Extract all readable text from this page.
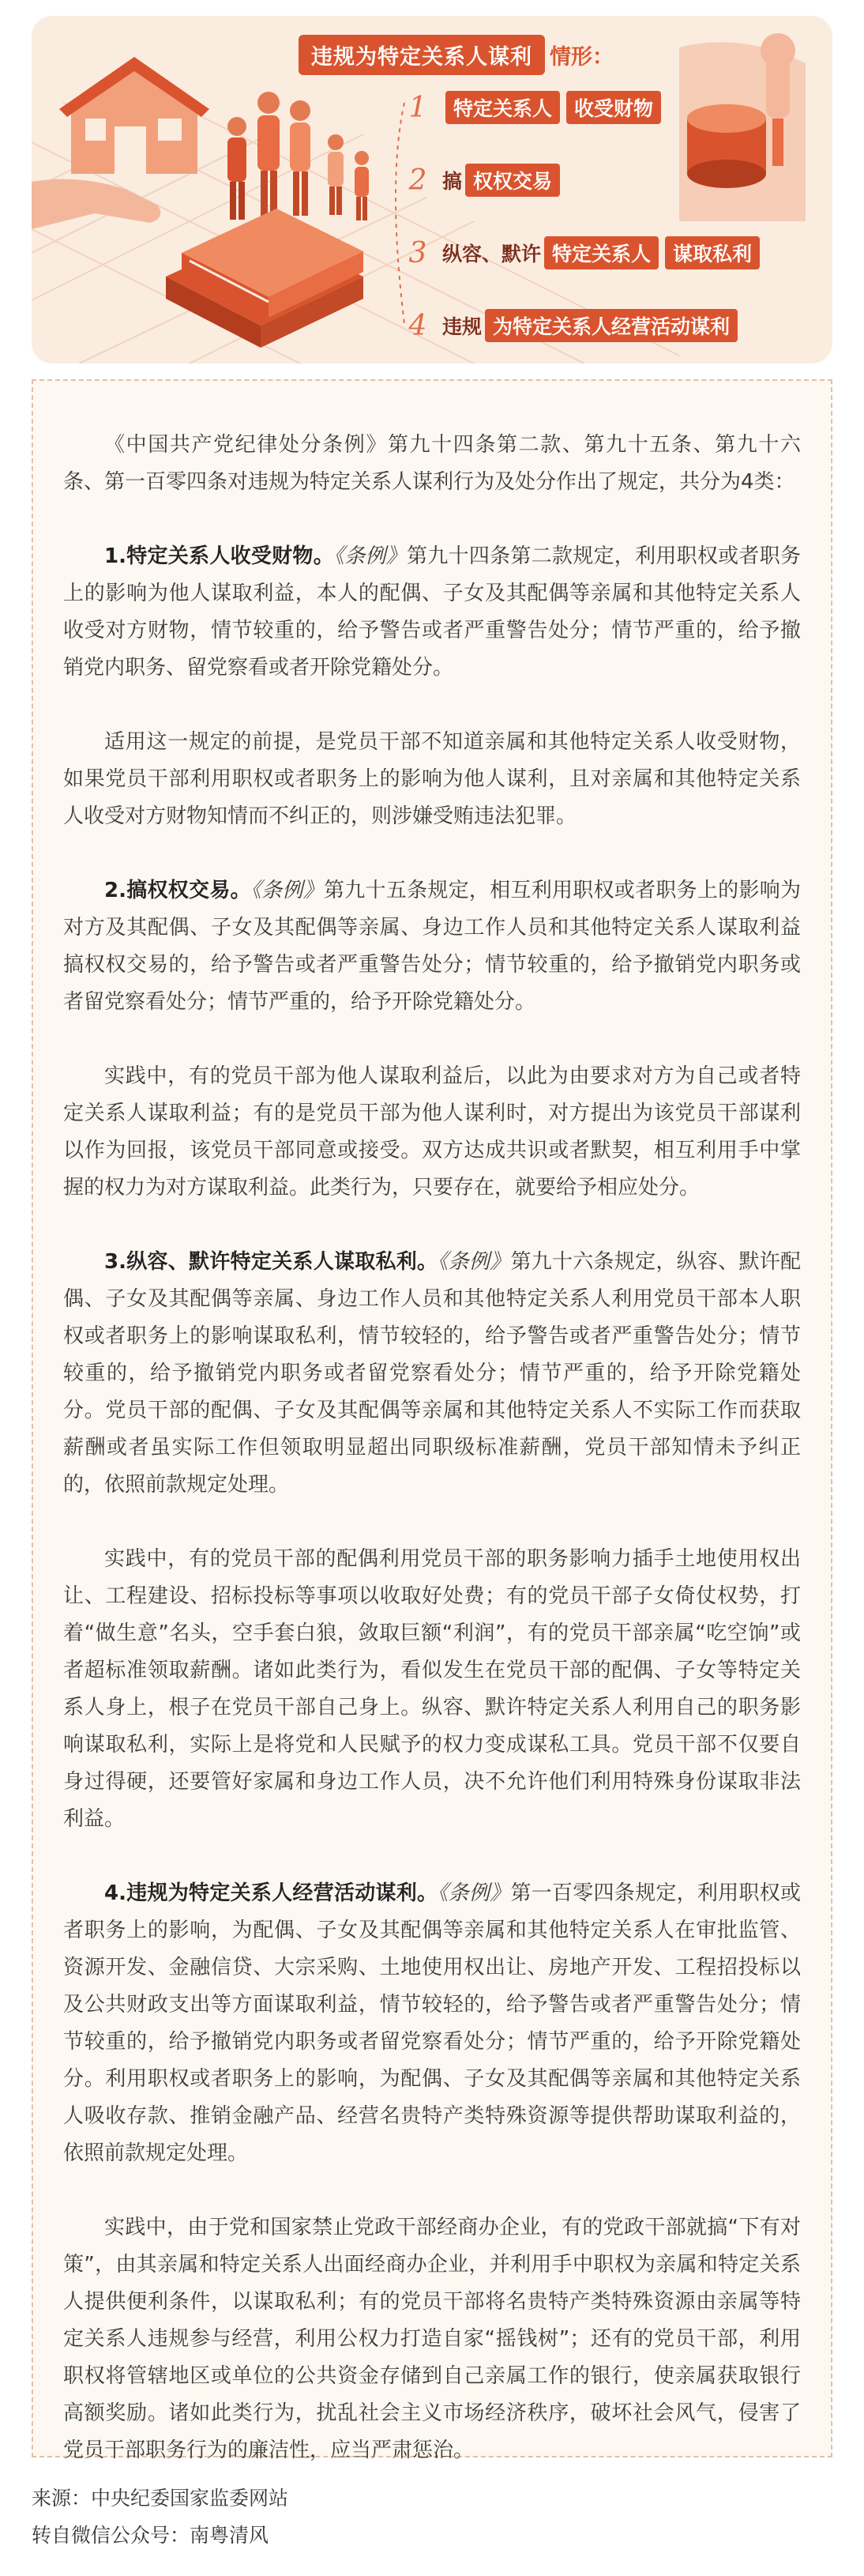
违规为特定关系人谋利 情形：
1	特定关系人	收受财物
2 搞 权权交易
3 纵容、默许 特定关系人	谋取私利
4 违规 为特定关系人经营活动谋利

《中国共产党纪律处分条例》第九十四条第二款、第九十五条、第九十六条、第一百零四条对违规为特定关系人谋利行为及处分作出了规定，共分为4类：

1.特定关系人收受财物。《条例》第九十四条第二款规定，利用职权或者职务上的影响为他人谋取利益，本人的配偶、子女及其配偶等亲属和其他特定关系人收受对方财物，情节较重的，给予警告或者严重警告处分；情节严重的，给予撤销党内职务、留党察看或者开除党籍处分。

适用这一规定的前提，是党员干部不知道亲属和其他特定关系人收受财物，如果党员干部利用职权或者职务上的影响为他人谋利，且对亲属和其他特定关系人收受对方财物知情而不纠正的，则涉嫌受贿违法犯罪。

2.搞权权交易。《条例》第九十五条规定，相互利用职权或者职务上的影响为对方及其配偶、子女及其配偶等亲属、身边工作人员和其他特定关系人谋取利益搞权权交易的，给予警告或者严重警告处分；情节较重的，给予撤销党内职务或者留党察看处分；情节严重的，给予开除党籍处分。

实践中，有的党员干部为他人谋取利益后，以此为由要求对方为自己或者特定关系人谋取利益；有的是党员干部为他人谋利时，对方提出为该党员干部谋利以作为回报，该党员干部同意或接受。双方达成共识或者默契，相互利用手中掌握的权力为对方谋取利益。此类行为，只要存在，就要给予相应处分。

3.纵容、默许特定关系人谋取私利。《条例》第九十六条规定，纵容、默许配偶、子女及其配偶等亲属、身边工作人员和其他特定关系人利用党员干部本人职权或者职务上的影响谋取私利，情节较轻的，给予警告或者严重警告处分；情节较重的，给予撤销党内职务或者留党察看处分；情节严重的，给予开除党籍处分。党员干部的配偶、子女及其配偶等亲属和其他特定关系人不实际工作而获取薪酬或者虽实际工作但领取明显超出同职级标准薪酬，党员干部知情未予纠正的，依照前款规定处理。

实践中，有的党员干部的配偶利用党员干部的职务影响力插手土地使用权出让、工程建设、招标投标等事项以收取好处费；有的党员干部子女倚仗权势，打着“做生意”名头，空手套白狼，敛取巨额“利润”，有的党员干部亲属“吃空饷”或者超标准领取薪酬。诸如此类行为，看似发生在党员干部的配偶、子女等特定关系人身上，根子在党员干部自己身上。纵容、默许特定关系人利用自己的职务影响谋取私利，实际上是将党和人民赋予的权力变成谋私工具。党员干部不仅要自身过得硬，还要管好家属和身边工作人员，决不允许他们利用特殊身份谋取非法利益。

4.违规为特定关系人经营活动谋利。《条例》第一百零四条规定，利用职权或者职务上的影响，为配偶、子女及其配偶等亲属和其他特定关系人在审批监管、资源开发、金融信贷、大宗采购、土地使用权出让、房地产开发、工程招投标以及公共财政支出等方面谋取利益，情节较轻的，给予警告或者严重警告处分；情节较重的，给予撤销党内职务或者留党察看处分；情节严重的，给予开除党籍处分。利用职权或者职务上的影响，为配偶、子女及其配偶等亲属和其他特定关系人吸收存款、推销金融产品、经营名贵特产类特殊资源等提供帮助谋取利益的，依照前款规定处理。

实践中，由于党和国家禁止党政干部经商办企业，有的党政干部就搞“下有对策”，由其亲属和特定关系人出面经商办企业，并利用手中职权为亲属和特定关系人提供便利条件，以谋取私利；有的党员干部将名贵特产类特殊资源由亲属等特定关系人违规参与经营，利用公权力打造自家“摇钱树”；还有的党员干部，利用职权将管辖地区或单位的公共资金存储到自己亲属工作的银行，使亲属获取银行高额奖励。诸如此类行为，扰乱社会主义市场经济秩序，破坏社会风气，侵害了党员干部职务行为的廉洁性，应当严肃惩治。

来源：中央纪委国家监委网站
转自微信公众号：南粤清风
